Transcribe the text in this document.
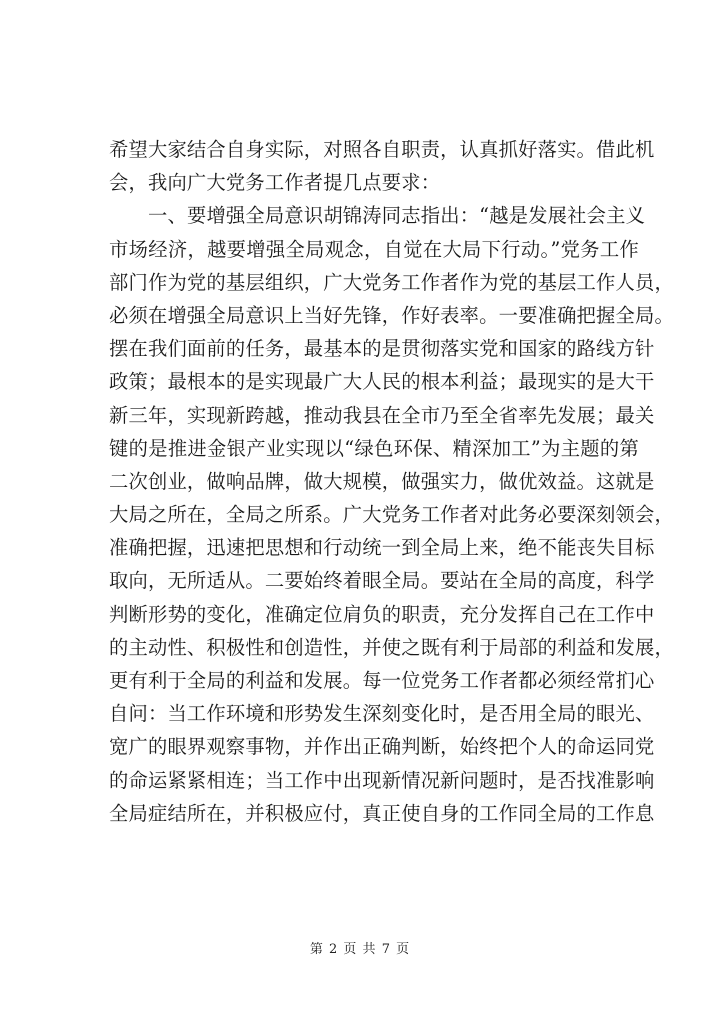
希望大家结合自身实际，对照各自职责，认真抓好落实。借此机
会，我向广大党务工作者提几点要求：
一、要增强全局意识胡锦涛同志指出：“越是发展社会主义
市场经济，越要增强全局观念，自觉在大局下行动。”党务工作
部门作为党的基层组织，广大党务工作者作为党的基层工作人员，
必须在增强全局意识上当好先锋，作好表率。一要准确把握全局。
摆在我们面前的任务，最基本的是贯彻落实党和国家的路线方针
政策；最根本的是实现最广大人民的根本利益；最现实的是大干
新三年，实现新跨越，推动我县在全市乃至全省率先发展；最关
键的是推进金银产业实现以“绿色环保、精深加工”为主题的第
二次创业，做响品牌，做大规模，做强实力，做优效益。这就是
大局之所在，全局之所系。广大党务工作者对此务必要深刻领会，
准确把握，迅速把思想和行动统一到全局上来，绝不能丧失目标
取向，无所适从。二要始终着眼全局。要站在全局的高度，科学
判断形势的变化，准确定位肩负的职责，充分发挥自己在工作中
的主动性、积极性和创造性，并使之既有利于局部的利益和发展，
更有利于全局的利益和发展。每一位党务工作者都必须经常扪心
自问：当工作环境和形势发生深刻变化时，是否用全局的眼光、
宽广的眼界观察事物，并作出正确判断，始终把个人的命运同党
的命运紧紧相连；当工作中出现新情况新问题时，是否找准影响
全局症结所在，并积极应付，真正使自身的工作同全局的工作息
第 2 页 共 7 页
